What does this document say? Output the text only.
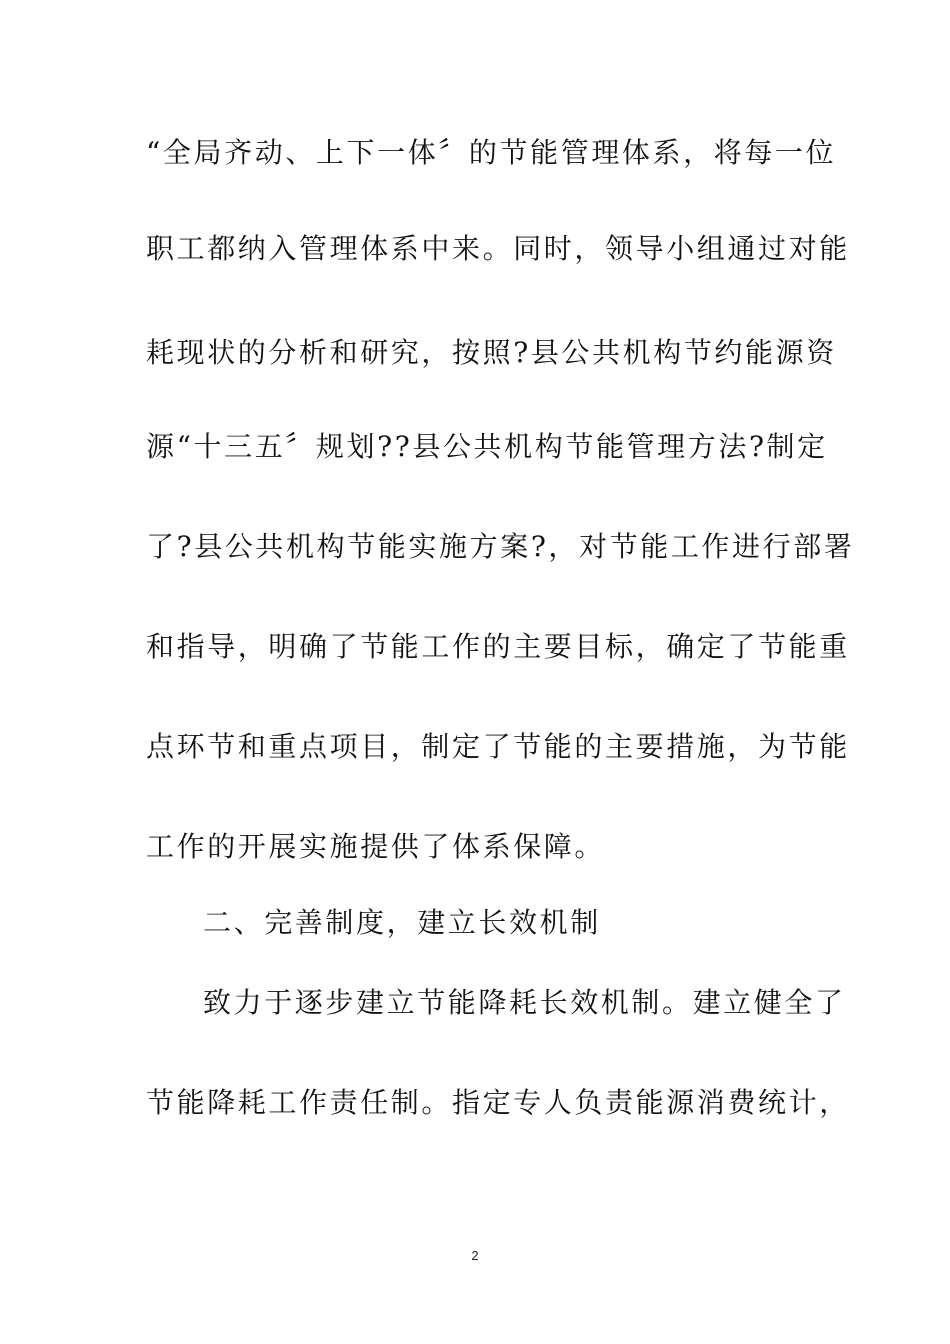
“全局齐动、上下一体〞的节能管理体系，将每一位
职工都纳入管理体系中来。同时，领导小组通过对能
耗现状的分析和研究，按照?县公共机构节约能源资
源“十三五〞规划??县公共机构节能管理方法?制定
了?县公共机构节能实施方案?，对节能工作进行部署
和指导，明确了节能工作的主要目标，确定了节能重
点环节和重点项目，制定了节能的主要措施，为节能
工作的开展实施提供了体系保障。
二、完善制度，建立长效机制
致力于逐步建立节能降耗长效机制。建立健全了
节能降耗工作责任制。指定专人负责能源消费统计，
2
